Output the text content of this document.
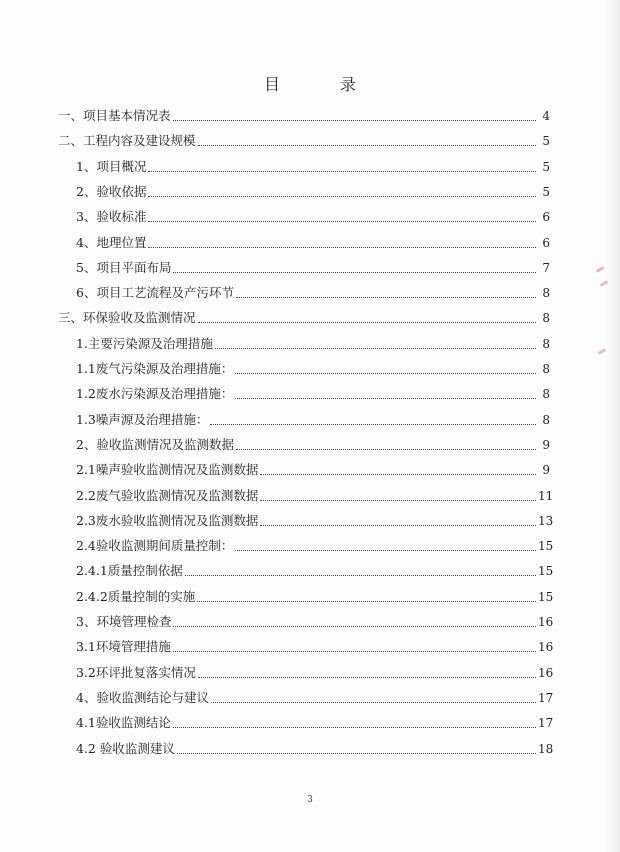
目　录
一、项目基本情况表	4
二、工程内容及建设规模	5
1、项目概况	5
2、验收依据	5
3、验收标准	6
4、地理位置	6
5、项目平面布局	7
6、项目工艺流程及产污环节	8
三、环保验收及监测情况	8
1.主要污染源及治理措施	8
1.1废气污染源及治理措施：	8
1.2废水污染源及治理措施：	8
1.3噪声源及治理措施：	8
2、验收监测情况及监测数据	9
2.1噪声验收监测情况及监测数据	9
2.2废气验收监测情况及监测数据	11
2.3废水验收监测情况及监测数据	13
2.4验收监测期间质量控制：	15
2.4.1质量控制依据	15
2.4.2质量控制的实施	15
3、环境管理检查	16
3.1环境管理措施	16
3.2环评批复落实情况	16
4、验收监测结论与建议	17
4.1验收监测结论	17
4.2 验收监测建议	18
3
